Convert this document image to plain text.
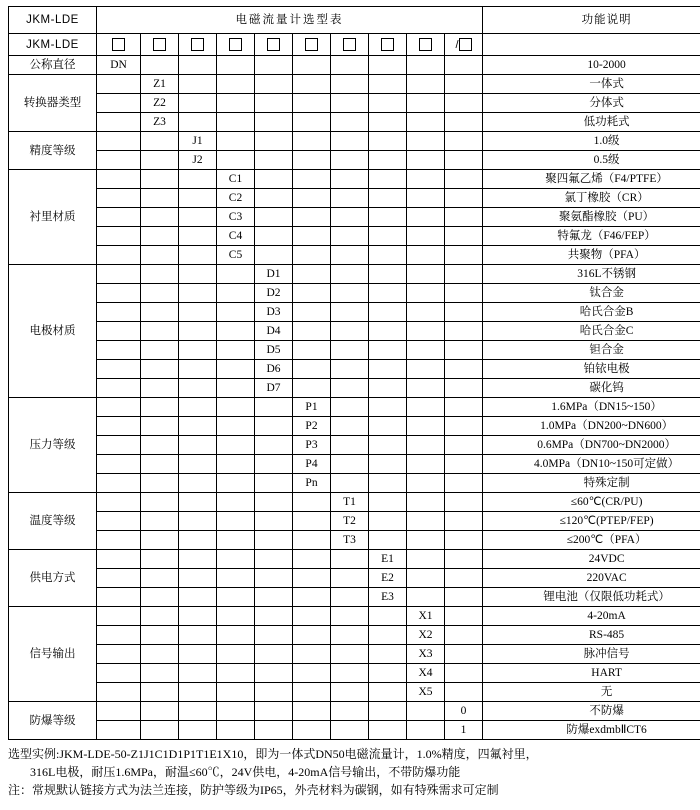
JKM-LDE	电磁流量计选型表										功能说明
JKM-LDE										/	
公称直径	DN										10-2000
转换器类型		Z1									一体式
		Z2									分体式
		Z3									低功耗式
精度等级			J1								1.0级
			J2								0.5级
衬里材质				C1							聚四氟乙烯（F4/PTFE）
				C2							氯丁橡胶（CR）
				C3							聚氨酯橡胶（PU）
				C4							特氟龙（F46/FEP）
				C5							共聚物（PFA）
电极材质					D1						316L不锈钢
					D2						钛合金
					D3						哈氏合金B
					D4						哈氏合金C
					D5						钽合金
					D6						铂铱电极
					D7						碳化钨
压力等级						P1					1.6MPa（DN15~150）
						P2					1.0MPa（DN200~DN600）
						P3					0.6MPa（DN700~DN2000）
						P4					4.0MPa（DN10~150可定做）
						Pn					特殊定制
温度等级							T1				≤60℃(CR/PU)
							T2				≤120℃(PTEP/FEP)
							T3				≤200℃（PFA）
供电方式								E1			24VDC
								E2			220VAC
								E3			锂电池（仅限低功耗式）
信号输出									X1		4-20mA
									X2		RS-485
									X3		脉冲信号
									X4		HART
									X5		无
防爆等级										0	不防爆
										1	防爆exdmbⅡCT6
选型实例:JKM-LDE-50-Z1J1C1D1P1T1E1X10，即为一体式DN50电磁流量计，1.0%精度，四氟衬里，
316L电极，耐压1.6MPa，耐温≤60℃，24V供电，4-20mA信号输出，不带防爆功能
注：常规默认链接方式为法兰连接，防护等级为IP65，外壳材料为碳钢，如有特殊需求可定制
